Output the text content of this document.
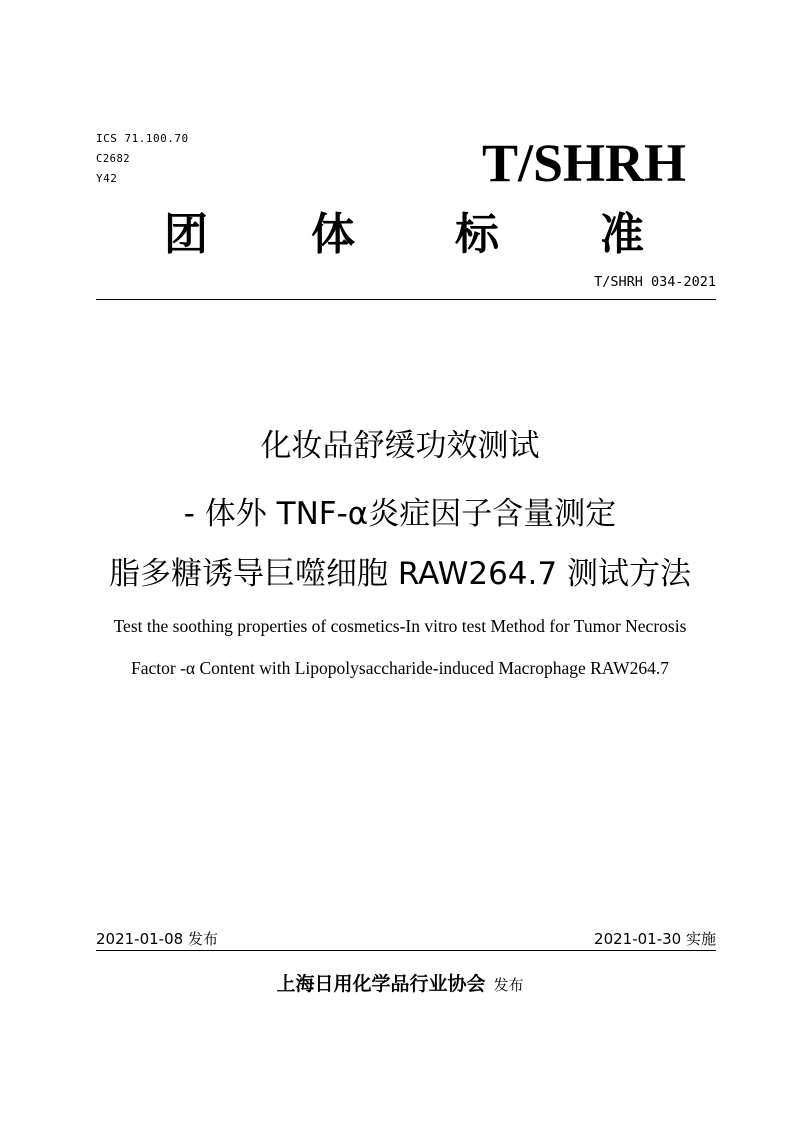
ICS 71.100.70
C2682
Y42	T/SHRH
团 体 标 准
T/SHRH 034-2021
化妆品舒缓功效测试
- 体外 TNF-α炎症因子含量测定
脂多糖诱导巨噬细胞 RAW264.7 测试方法
Test the soothing properties of cosmetics-In vitro test Method for Tumor Necrosis
Factor -α Content with Lipopolysaccharide-induced Macrophage RAW264.7
2021-01-08 发布	2021-01-30 实施
上海日用化学品行业协会 发布
